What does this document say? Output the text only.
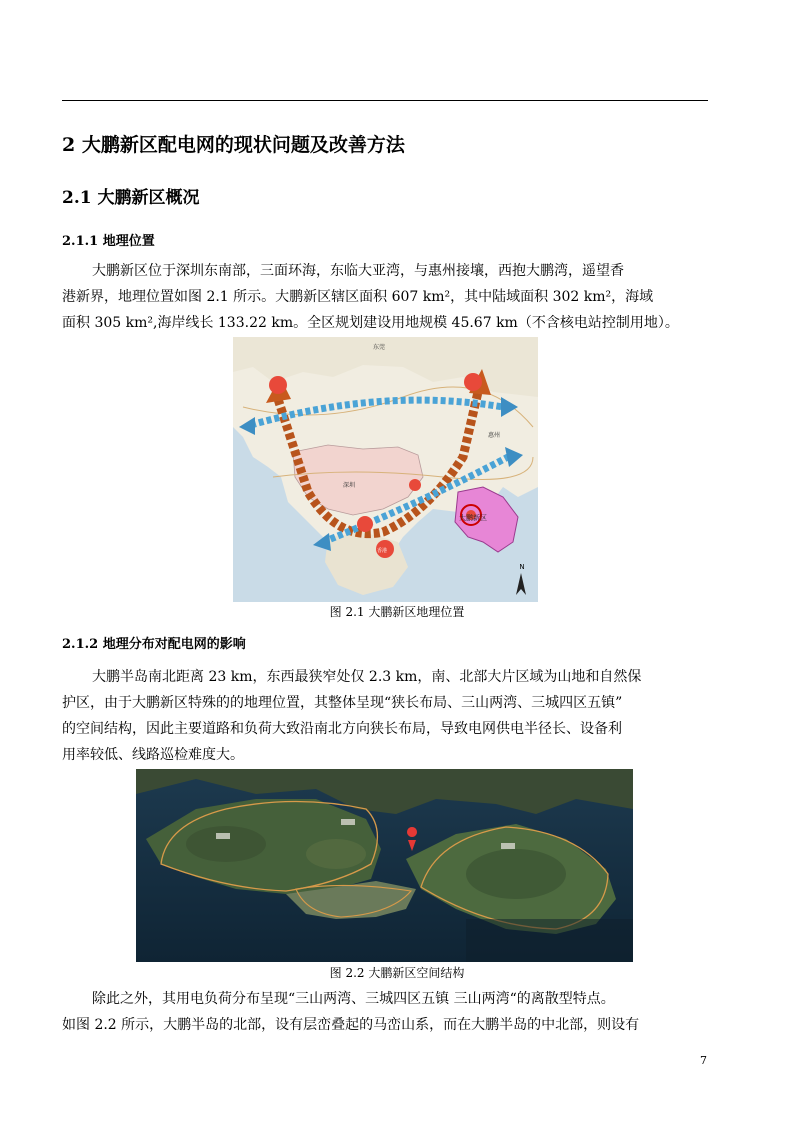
2 大鹏新区配电网的现状问题及改善方法
2.1 大鹏新区概况
2.1.1 地理位置
大鹏新区位于深圳东南部，三面环海，东临大亚湾，与惠州接壤，西抱大鹏湾，遥望香
港新界，地理位置如图 2.1 所示。大鹏新区辖区面积 607 km²，其中陆域面积 302 km²，海域
面积 305 km²,海岸线长 133.22 km。全区规划建设用地规模 45.67 km（不含核电站控制用地）。
N
东莞
惠州
大鹏新区
香港
深圳
图 2.1 大鹏新区地理位置
2.1.2 地理分布对配电网的影响
大鹏半岛南北距离 23 km，东西最狭窄处仅 2.3 km，南、北部大片区域为山地和自然保
护区，由于大鹏新区特殊的的地理位置，其整体呈现“狭长布局、三山两湾、三城四区五镇”
的空间结构，因此主要道路和负荷大致沿南北方向狭长布局，导致电网供电半径长、设备利
用率较低、线路巡检难度大。
图 2.2 大鹏新区空间结构
除此之外，其用电负荷分布呈现“三山两湾、三城四区五镇 三山两湾“的离散型特点。
如图 2.2 所示，大鹏半岛的北部，设有层峦叠起的马峦山系，而在大鹏半岛的中北部，则设有
7
